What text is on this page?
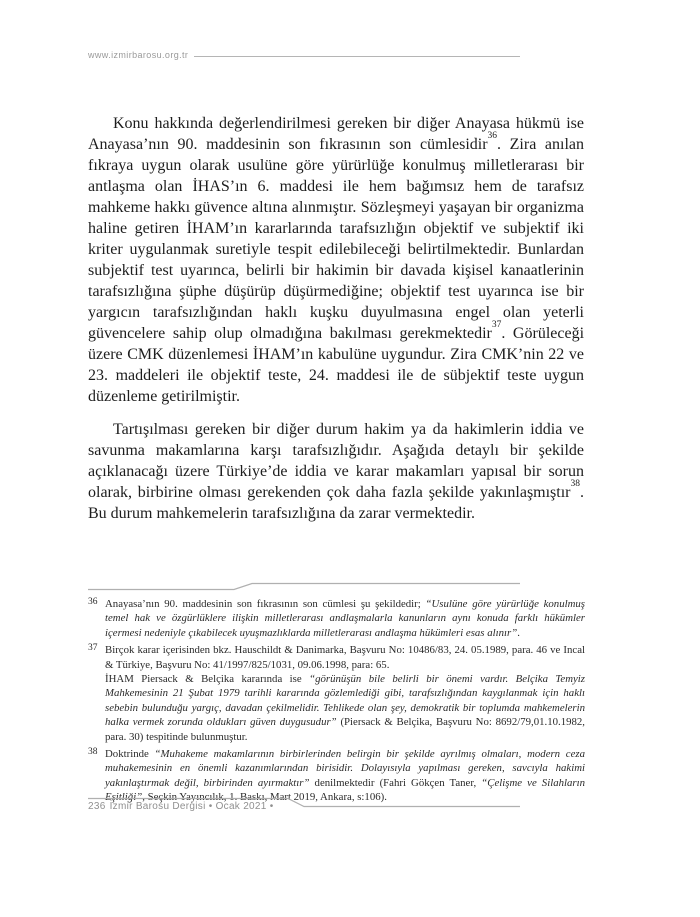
www.izmirbarosu.org.tr

Konu hakkında değerlendirilmesi gereken bir diğer Anayasa hükmü ise Anayasa’nın 90. maddesinin son fıkrasının son cümlesidir$^{36}$. Zira anılan fıkraya uygun olarak usulüne göre yürürlüğe konulmuş milletlerarası bir antlaşma olan İHAS’ın 6. maddesi ile hem bağımsız hem de tarafsız mahkeme hakkı güvence altına alınmıştır. Sözleşmeyi yaşayan bir organizma haline getiren İHAM’ın kararlarında tarafsızlığın objektif ve subjektif iki kriter uygulanmak suretiyle tespit edilebileceği belirtilmektedir. Bunlardan subjektif test uyarınca, belirli bir hakimin bir davada kişisel kanaatlerinin tarafsızlığına şüphe düşürüp düşürmediğine; objektif test uyarınca ise bir yargıcın tarafsızlığından haklı kuşku duyulmasına engel olan yeterli güvencelere sahip olup olmadığına bakılması gerekmektedir$^{37}$. Görüleceği üzere CMK düzenlemesi İHAM’ın kabulüne uygundur. Zira CMK’nin 22 ve 23. maddeleri ile objektif teste, 24. maddesi ile de sübjektif teste uygun düzenleme getirilmiştir.

Tartışılması gereken bir diğer durum hakim ya da hakimlerin iddia ve savunma makamlarına karşı tarafsızlığıdır. Aşağıda detaylı bir şekilde açıklanacağı üzere Türkiye’de iddia ve karar makamları yapısal bir sorun olarak, birbirine olması gerekenden çok daha fazla şekilde yakınlaşmıştır$^{38}$. Bu durum mahkemelerin tarafsızlığına da zarar vermektedir.

36 Anayasa’nın 90. maddesinin son fıkrasının son cümlesi şu şekildedir; “Usulüne göre yürürlüğe konulmuş temel hak ve özgürlüklere ilişkin milletlerarası andlaşmalarla kanunların aynı konuda farklı hükümler içermesi nedeniyle çıkabilecek uyuşmazlıklarda milletlerarası andlaşma hükümleri esas alınır”.
37 Birçok karar içerisinden bkz. Hauschildt & Danimarka, Başvuru No: 10486/83, 24. 05.1989, para. 46 ve Incal & Türkiye, Başvuru No: 41/1997/825/1031, 09.06.1998, para: 65.
İHAM Piersack & Belçika kararında ise “görünüşün bile belirli bir önemi vardır. Belçika Temyiz Mahkemesinin 21 Şubat 1979 tarihli kararında gözlemlediği gibi, tarafsızlığından kaygılanmak için haklı sebebin bulunduğu yargıç, davadan çekilmelidir. Tehlikede olan şey, demokratik bir toplumda mahkemelerin halka vermek zorunda oldukları güven duygusudur” (Piersack & Belçika, Başvuru No: 8692/79,01.10.1982, para. 30) tespitinde bulunmuştur.
38 Doktrinde “Muhakeme makamlarının birbirlerinden belirgin bir şekilde ayrılmış olmaları, modern ceza muhakemesinin en önemli kazanımlarından birisidir. Dolayısıyla yapılması gereken, savcıyla hakimi yakınlaştırmak değil, birbirinden ayırmaktır” denilmektedir (Fahri Gökçen Taner, “Çelişme ve Silahların Eşitliği”, Seçkin Yayıncılık, 1. Baskı, Mart 2019, Ankara, s:106).
236 İzmir Barosu Dergisi • Ocak 2021 •
